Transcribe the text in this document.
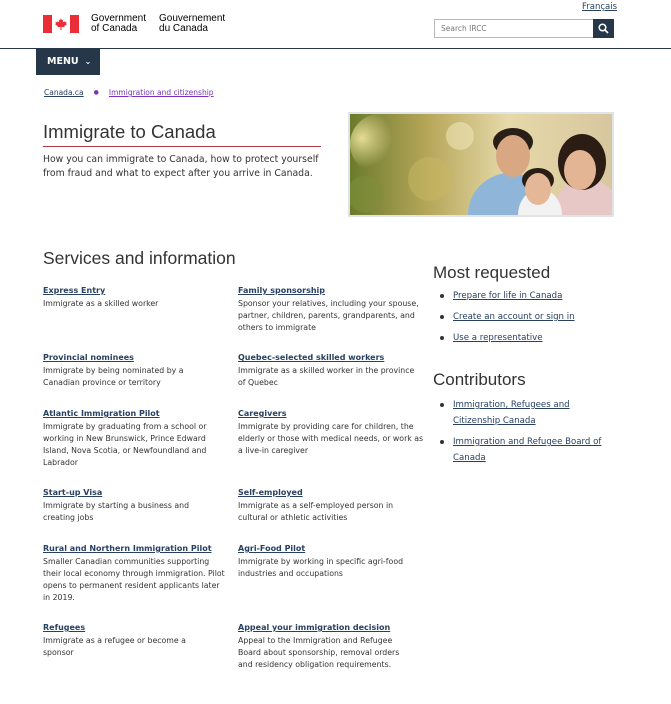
Français
Government
of Canada
Gouvernement
du Canada
Search IRCC
MENU ⌄
Canada.ca ● Immigration and citizenship
Immigrate to Canada

How you can immigrate to Canada, how to protect yourself from fraud and what to expect after you arrive in Canada.

Services and information
Express Entry
Immigrate as a skilled worker
Family sponsorship
Sponsor your relatives, including your spouse, partner, children, parents, grandparents, and others to immigrate
Provincial nominees
Immigrate by being nominated by a Canadian province or territory
Quebec-selected skilled workers
Immigrate as a skilled worker in the province of Quebec
Atlantic Immigration Pilot
Immigrate by graduating from a school or working in New Brunswick, Prince Edward Island, Nova Scotia, or Newfoundland and Labrador
Caregivers
Immigrate by providing care for children, the elderly or those with medical needs, or work as a live-in caregiver
Start-up Visa
Immigrate by starting a business and creating jobs
Self-employed
Immigrate as a self-employed person in cultural or athletic activities
Rural and Northern Immigration Pilot
Smaller Canadian communities supporting their local economy through immigration. Pilot opens to permanent resident applicants later in 2019.
Agri-Food Pilot
Immigrate by working in specific agri-food industries and occupations
Refugees
Immigrate as a refugee or become a sponsor
Appeal your immigration decision
Appeal to the Immigration and Refugee Board about sponsorship, removal orders and residency obligation requirements.
Most requested
Prepare for life in Canada
Create an account or sign in
Use a representative
Contributors
Immigration, Refugees and Citizenship Canada
Immigration and Refugee Board of Canada
